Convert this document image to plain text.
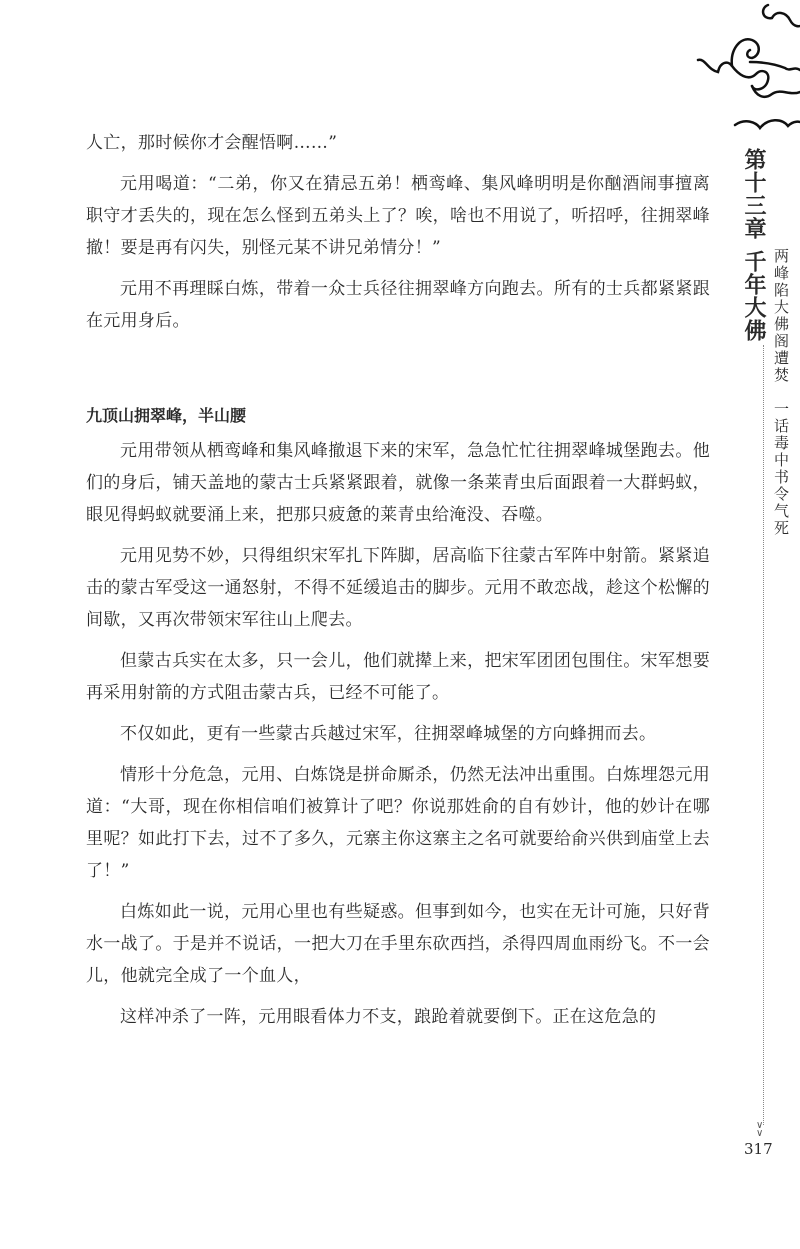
第十三章
千年大佛 两峰陷大佛阁遭焚　一话毒中书令气死
∨
∨
317

人亡，那时候你才会醒悟啊……”

元用喝道：“二弟，你又在猜忌五弟！栖鸾峰、集风峰明明是你酗酒闹事擅离职守才丢失的，现在怎么怪到五弟头上了？唉，啥也不用说了，听招呼，往拥翠峰撤！要是再有闪失，别怪元某不讲兄弟情分！”

元用不再理睬白炼，带着一众士兵径往拥翠峰方向跑去。所有的士兵都紧紧跟在元用身后。

九顶山拥翠峰，半山腰

元用带领从栖鸾峰和集风峰撤退下来的宋军，急急忙忙往拥翠峰城堡跑去。他们的身后，铺天盖地的蒙古士兵紧紧跟着，就像一条莱青虫后面跟着一大群蚂蚁，眼见得蚂蚁就要涌上来，把那只疲惫的莱青虫给淹没、吞噬。

元用见势不妙，只得组织宋军扎下阵脚，居高临下往蒙古军阵中射箭。紧紧追击的蒙古军受这一通怒射，不得不延缓追击的脚步。元用不敢恋战，趁这个松懈的间歇，又再次带领宋军往山上爬去。

但蒙古兵实在太多，只一会儿，他们就撵上来，把宋军团团包围住。宋军想要再采用射箭的方式阻击蒙古兵，已经不可能了。

不仅如此，更有一些蒙古兵越过宋军，往拥翠峰城堡的方向蜂拥而去。

情形十分危急，元用、白炼饶是拼命厮杀，仍然无法冲出重围。白炼埋怨元用道：“大哥，现在你相信咱们被算计了吧？你说那姓俞的自有妙计，他的妙计在哪里呢？如此打下去，过不了多久，元寨主你这寨主之名可就要给俞兴供到庙堂上去了！”

白炼如此一说，元用心里也有些疑惑。但事到如今，也实在无计可施，只好背水一战了。于是并不说话，一把大刀在手里东砍西挡，杀得四周血雨纷飞。不一会儿，他就完全成了一个血人，

这样冲杀了一阵，元用眼看体力不支，踉跄着就要倒下。正在这危急的
